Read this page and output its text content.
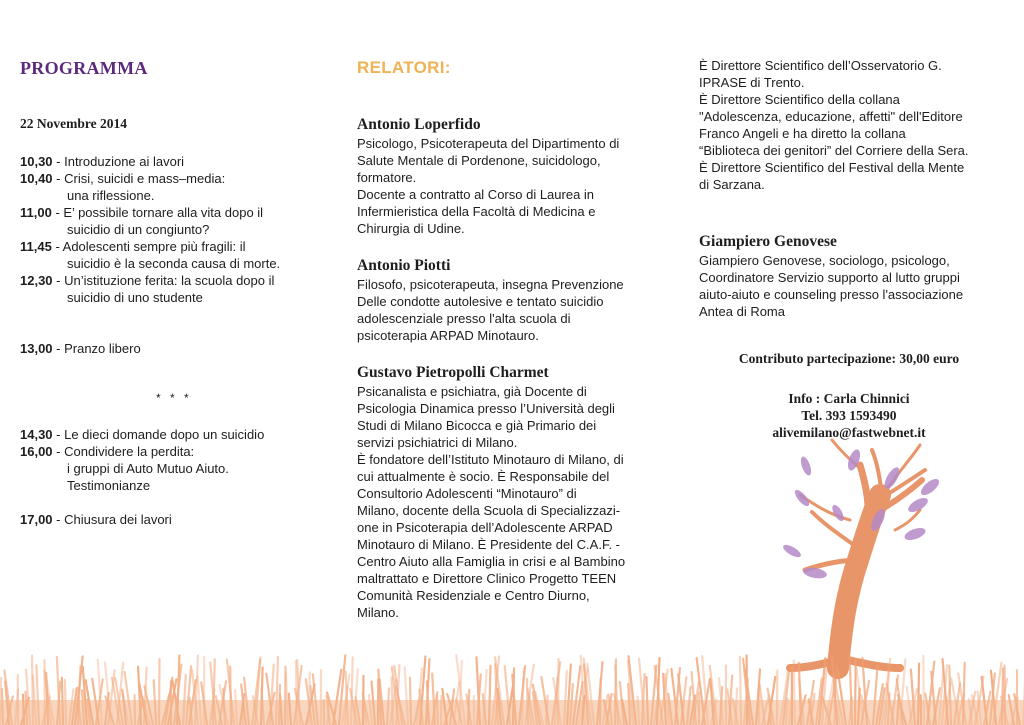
PROGRAMMA
22 Novembre 2014
10,30 - Introduzione ai lavori
10,40 - Crisi, suicidi e mass–media:
una riflessione.
11,00 - E’ possibile tornare alla vita dopo il
suicidio di un congiunto?
11,45 - Adolescenti sempre più fragili: il
suicidio è la seconda causa di morte.
12,30 - Un’istituzione ferita: la scuola dopo il
suicidio di uno studente
13,00 - Pranzo libero
14,30 - Le dieci domande dopo un suicidio
16,00 - Condividere la perdita:
i gruppi di Auto Mutuo Aiuto.
Testimonianze
17,00 - Chiusura dei lavori
* * *
RELATORI:
Antonio Loperfido
Psicologo, Psicoterapeuta del Dipartimento di
Salute Mentale di Pordenone, suicidologo,
formatore.
Docente a contratto al Corso di Laurea in
Infermieristica della Facoltà di Medicina e
Chirurgia di Udine.
Antonio Piotti
Filosofo, psicoterapeuta, insegna Prevenzione
Delle condotte autolesive e tentato suicidio
adolescenziale presso l'alta scuola di
psicoterapia ARPAD Minotauro.
Gustavo Pietropolli Charmet
Psicanalista e psichiatra, già Docente di
Psicologia Dinamica presso l’Università degli
Studi di Milano Bicocca e già Primario dei
servizi psichiatrici di Milano.
È fondatore dell’Istituto Minotauro di Milano, di
cui attualmente è socio. È Responsabile del
Consultorio Adolescenti “Minotauro” di
Milano, docente della Scuola di Specializzazi-
one in Psicoterapia dell’Adolescente ARPAD
Minotauro di Milano. È Presidente del C.A.F. -
Centro Aiuto alla Famiglia in crisi e al Bambino
maltrattato e Direttore Clinico Progetto TEEN
Comunità Residenziale e Centro Diurno,
Milano.
È Direttore Scientifico dell’Osservatorio G.
IPRASE di Trento.
È Direttore Scientifico della collana
"Adolescenza, educazione, affetti" dell'Editore
Franco Angeli e ha diretto la collana
“Biblioteca dei genitori” del Corriere della Sera.
È Direttore Scientifico del Festival della Mente
di Sarzana.
Giampiero Genovese
Giampiero Genovese, sociologo, psicologo,
Coordinatore Servizio supporto al lutto gruppi
aiuto-aiuto e counseling presso l'associazione
Antea di Roma
Contributo partecipazione: 30,00 euro
Info : Carla Chinnici
Tel. 393 1593490
alivemilano@fastwebnet.it
